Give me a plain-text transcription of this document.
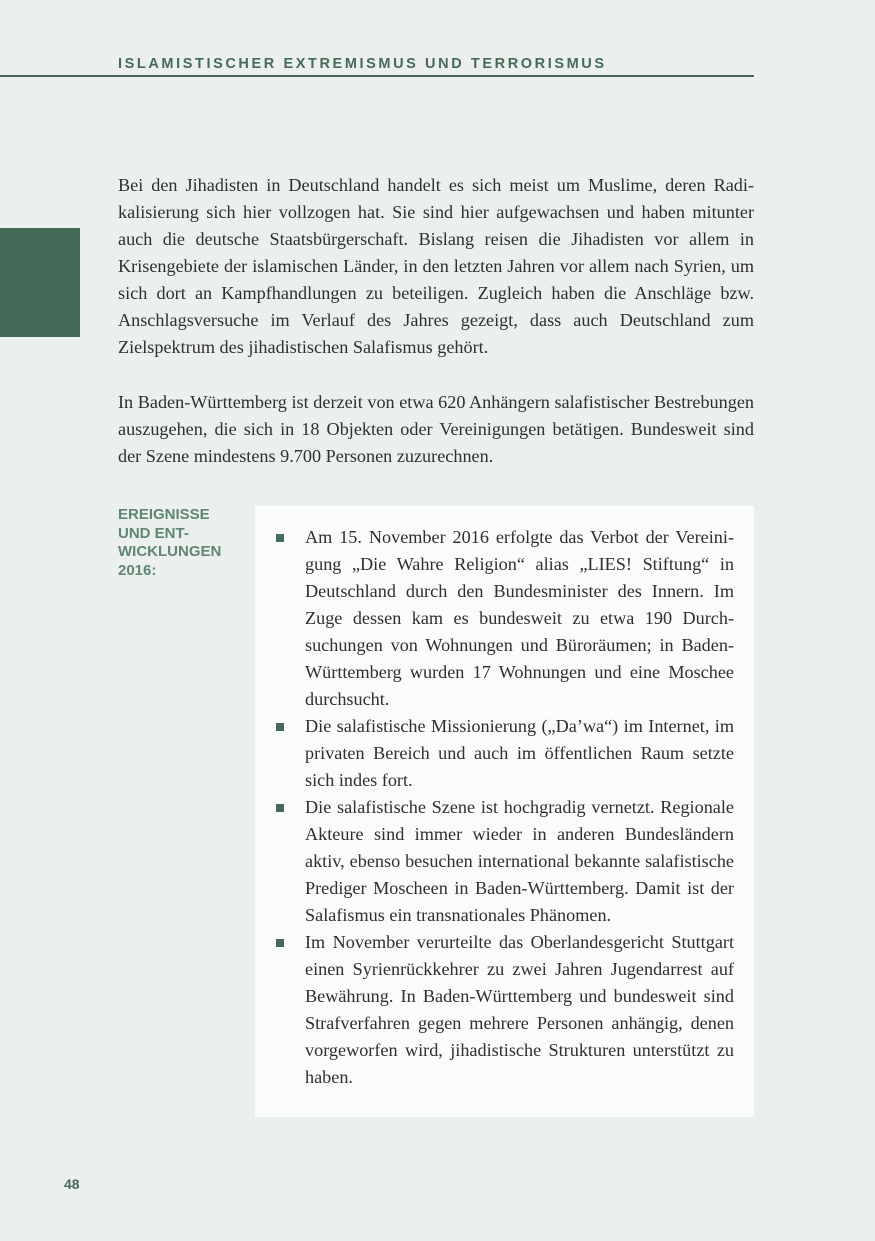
ISLAMISTISCHER EXTREMISMUS UND TERRORISMUS

Bei den Jihadisten in Deutschland handelt es sich meist um Muslime, deren Radikalisierung sich hier vollzogen hat. Sie sind hier aufgewachsen und haben mitunter auch die deutsche Staatsbürgerschaft. Bislang reisen die Jihadisten vor allem in Krisengebiete der islamischen Länder, in den letzten Jahren vor allem nach Syrien, um sich dort an Kampfhandlungen zu beteiligen. Zugleich haben die Anschläge bzw. Anschlagsversuche im Verlauf des Jahres gezeigt, dass auch Deutschland zum Zielspektrum des jihadistischen Salafismus gehört.

In Baden-Württemberg ist derzeit von etwa 620 Anhängern salafistischer Bestrebungen auszugehen, die sich in 18 Objekten oder Vereinigungen betätigen. Bundesweit sind der Szene mindestens 9.700 Personen zuzurechnen.

EREIGNISSE
UND ENT-
WICKLUNGEN
2016:
Am 15. November 2016 erfolgte das Verbot der Vereinigung „Die Wahre Religion“ alias „LIES! Stiftung“ in Deutschland durch den Bundesminister des Innern. Im Zuge dessen kam es bundesweit zu etwa 190 Durchsuchungen von Wohnungen und Büroräumen; in Baden-Württemberg wurden 17 Wohnungen und eine Moschee durchsucht.
Die salafistische Missionierung („Da’wa“) im Internet, im privaten Bereich und auch im öffentlichen Raum setzte sich indes fort.
Die salafistische Szene ist hochgradig vernetzt. Regionale Akteure sind immer wieder in anderen Bundesländern aktiv, ebenso besuchen international bekannte salafistische Prediger Moscheen in Baden-Württemberg. Damit ist der Salafismus ein transnationales Phänomen.
Im November verurteilte das Oberlandesgericht Stuttgart einen Syrienrückkehrer zu zwei Jahren Jugendarrest auf Bewährung. In Baden-Württemberg und bundesweit sind Strafverfahren gegen mehrere Personen anhängig, denen vorgeworfen wird, jihadistische Strukturen unterstützt zu haben.
48
